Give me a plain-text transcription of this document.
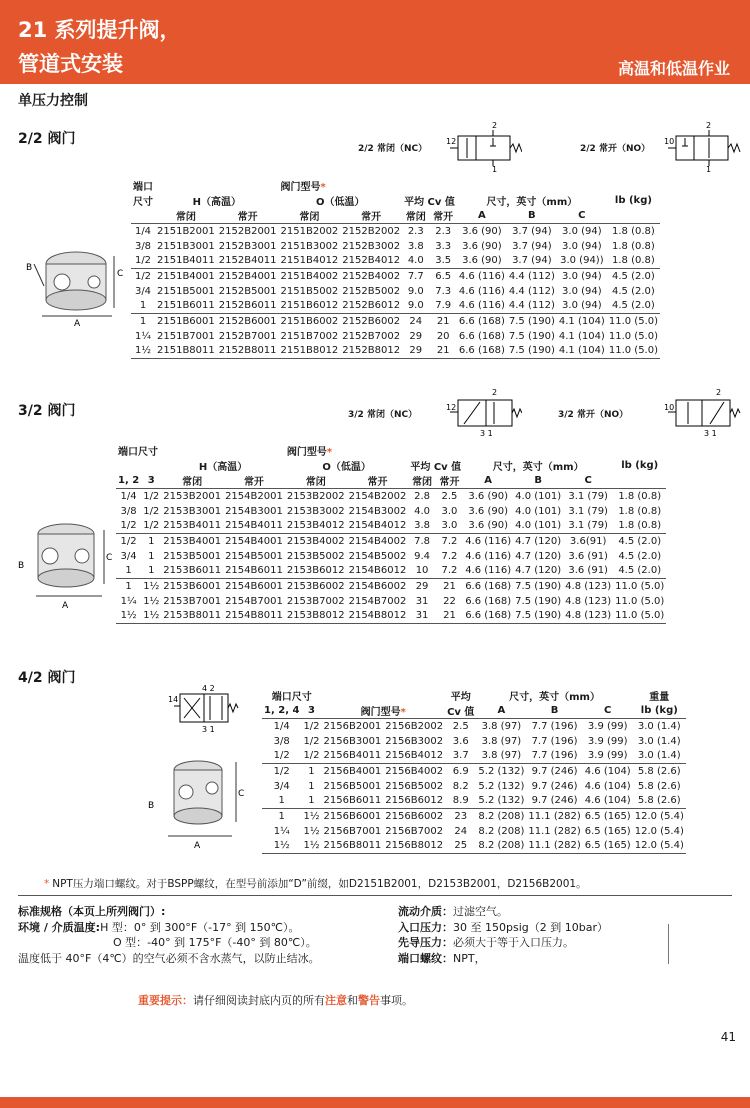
21 系列提升阀，
管道式安装	高温和低温作业
单压力控制
2/2 阀门
2/2 常闭（NC）
12
2
1
2/2 常开（NO）
10
2
1
B
C
A
端口			阀门型号*							
尺寸	H（高温）		O（低温）		平均 Cv 值		尺寸，英寸（mm）			lb (kg)
	常闭	常开	常闭	常开	常闭	常开	A	B	C	
1/4	2151B2001	2152B2001	2151B2002	2152B2002	2.3	2.3	3.6 (90)	3.7 (94)	3.0 (94)	1.8 (0.8)
3/8	2151B3001	2152B3001	2151B3002	2152B3002	3.8	3.3	3.6 (90)	3.7 (94)	3.0 (94)	1.8 (0.8)
1/2	2151B4011	2152B4011	2151B4012	2152B4012	4.0	3.5	3.6 (90)	3.7 (94)	3.0 (94))	1.8 (0.8)
1/2	2151B4001	2152B4001	2151B4002	2152B4002	7.7	6.5	4.6 (116)	4.4 (112)	3.0 (94)	4.5 (2.0)
3/4	2151B5001	2152B5001	2151B5002	2152B5002	9.0	7.3	4.6 (116)	4.4 (112)	3.0 (94)	4.5 (2.0)
1	2151B6011	2152B6011	2151B6012	2152B6012	9.0	7.9	4.6 (116)	4.4 (112)	3.0 (94)	4.5 (2.0)
1	2151B6001	2152B6001	2151B6002	2152B6002	24	21	6.6 (168)	7.5 (190)	4.1 (104)	11.0 (5.0)
1¼	2151B7001	2152B7001	2151B7002	2152B7002	29	20	6.6 (168)	7.5 (190)	4.1 (104)	11.0 (5.0)
1½	2151B8011	2152B8011	2151B8012	2152B8012	29	21	6.6 (168)	7.5 (190)	4.1 (104)	11.0 (5.0)
3/2 阀门	3/2 常闭（NC）
12
2
3 1
3/2 常开（NO）
10
2
3 1
B
C
A
端口尺寸				阀门型号*							
		H（高温）		O（低温）		平均 Cv 值		尺寸，英寸（mm）			lb (kg)
1, 2	3	常闭	常开	常闭	常开	常闭	常开	A	B	C	
1/4	1/2	2153B2001	2154B2001	2153B2002	2154B2002	2.8	2.5	3.6 (90)	4.0 (101)	3.1 (79)	1.8 (0.8)
3/8	1/2	2153B3001	2154B3001	2153B3002	2154B3002	4.0	3.0	3.6 (90)	4.0 (101)	3.1 (79)	1.8 (0.8)
1/2	1/2	2153B4011	2154B4011	2153B4012	2154B4012	3.8	3.0	3.6 (90)	4.0 (101)	3.1 (79)	1.8 (0.8)
1/2	1	2153B4001	2154B4001	2153B4002	2154B4002	7.8	7.2	4.6 (116)	4.7 (120)	3.6(91)	4.5 (2.0)
3/4	1	2153B5001	2154B5001	2153B5002	2154B5002	9.4	7.2	4.6 (116)	4.7 (120)	3.6 (91)	4.5 (2.0)
1	1	2153B6011	2154B6011	2153B6012	2154B6012	10	7.2	4.6 (116)	4.7 (120)	3.6 (91)	4.5 (2.0)
1	1½	2153B6001	2154B6001	2153B6002	2154B6002	29	21	6.6 (168)	7.5 (190)	4.8 (123)	11.0 (5.0)
1¼	1½	2153B7001	2154B7001	2153B7002	2154B7002	31	22	6.6 (168)	7.5 (190)	4.8 (123)	11.0 (5.0)
1½	1½	2153B8011	2154B8011	2153B8012	2154B8012	31	21	6.6 (168)	7.5 (190)	4.8 (123)	11.0 (5.0)
4/2 阀门
14
4 2
3 1
B
C
A
端口尺寸				平均	尺寸，英寸（mm）			重量
1, 2, 4	3	阀门型号*		Cv 值	A	B	C	lb (kg)
1/4	1/2	2156B2001	2156B2002	2.5	3.8 (97)	7.7 (196)	3.9 (99)	3.0 (1.4)
3/8	1/2	2156B3001	2156B3002	3.6	3.8 (97)	7.7 (196)	3.9 (99)	3.0 (1.4)
1/2	1/2	2156B4011	2156B4012	3.7	3.8 (97)	7.7 (196)	3.9 (99)	3.0 (1.4)
1/2	1	2156B4001	2156B4002	6.9	5.2 (132)	9.7 (246)	4.6 (104)	5.8 (2.6)
3/4	1	2156B5001	2156B5002	8.2	5.2 (132)	9.7 (246)	4.6 (104)	5.8 (2.6)
1	1	2156B6011	2156B6012	8.9	5.2 (132)	9.7 (246)	4.6 (104)	5.8 (2.6)
1	1½	2156B6001	2156B6002	23	8.2 (208)	11.1 (282)	6.5 (165)	12.0 (5.4)
1¼	1½	2156B7001	2156B7002	24	8.2 (208)	11.1 (282)	6.5 (165)	12.0 (5.4)
1½	1½	2156B8011	2156B8012	25	8.2 (208)	11.1 (282)	6.5 (165)	12.0 (5.4)
* NPT压力端口螺纹。对于BSPP螺纹，在型号前添加“D”前缀，如D2151B2001，D2153B2001，D2156B2001。
标准规格（本页上所列阀门）:
环境 / 介质温度:H 型：0° 到 300°F（-17° 到 150℃）。
O 型：-40° 到 175°F（-40° 到 80℃）。
温度低于 40°F（4℃）的空气必须不含水蒸气，以防止结冰。
流动介质：过滤空气。
入口压力：30 至 150psig（2 到 10bar）
先导压力：必须大于等于入口压力。
端口螺纹：NPT，
重要提示：请仔细阅读封底内页的所有注意和警告事项。
41
